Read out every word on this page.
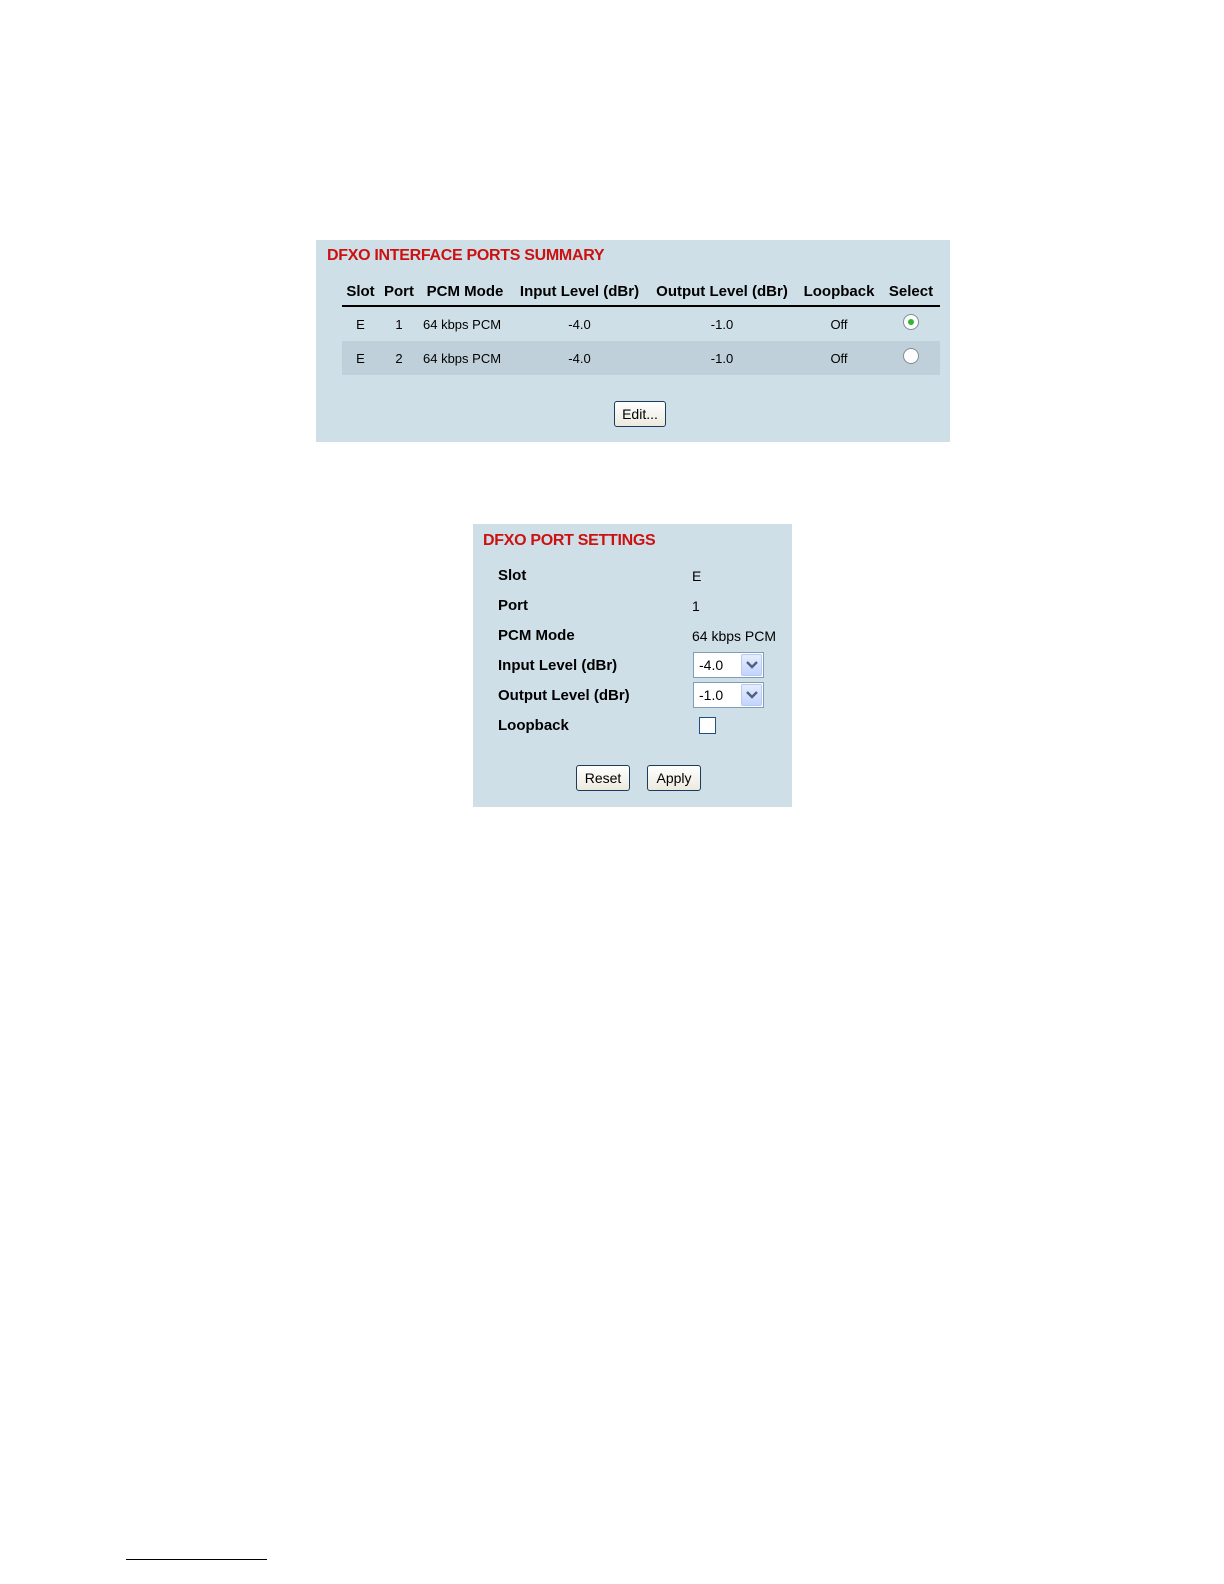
DFXO INTERFACE PORTS SUMMARY
Slot	Port	PCM Mode	Input Level (dBr)	Output Level (dBr)	Loopback	Select
E	1	64 kbps PCM	-4.0	-1.0	Off	
E	2	64 kbps PCM	-4.0	-1.0	Off	
Edit...
DFXO PORT SETTINGS
Slot	E
Port	1
PCM Mode	64 kbps PCM
Input Level (dBr)	-4.0
Output Level (dBr)	-1.0
Loopback
Reset	Apply
